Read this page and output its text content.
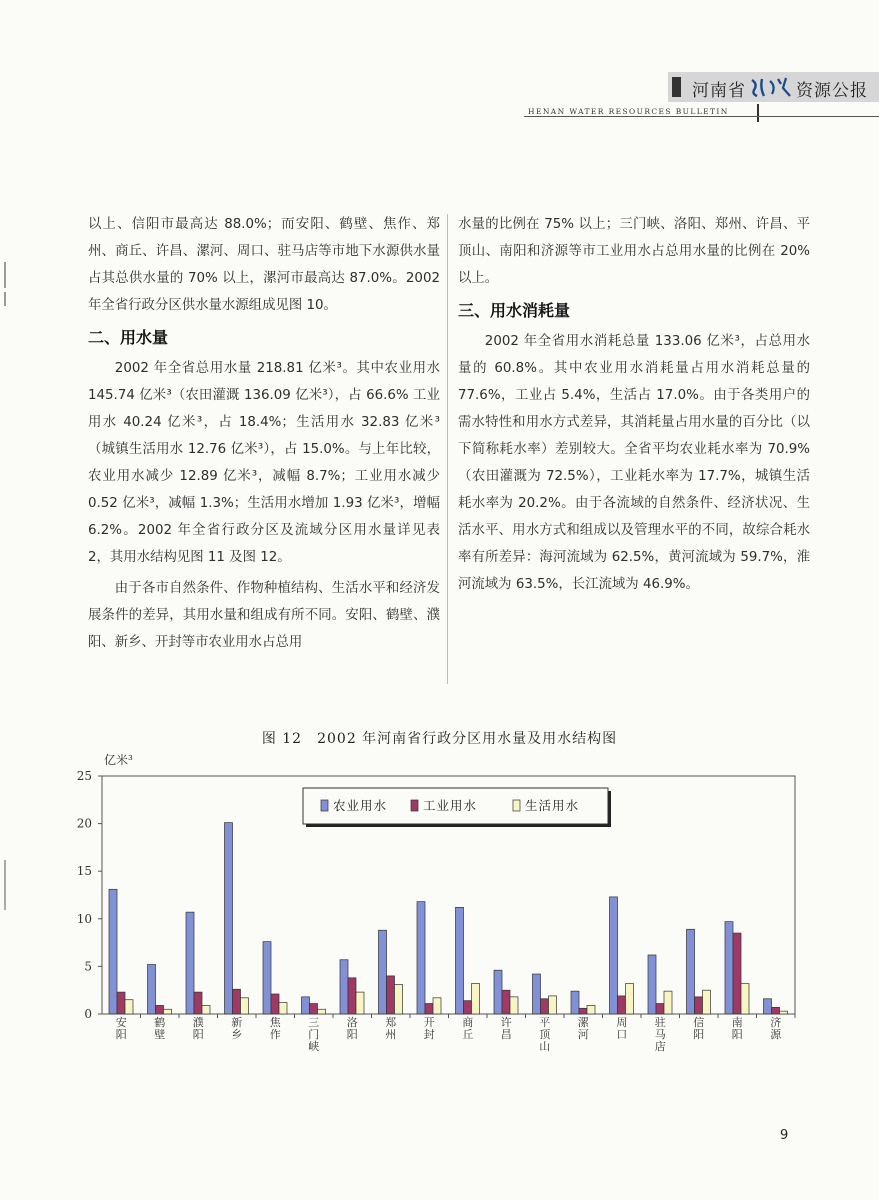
河南省	资源公报
HENAN WATER RESOURCES BULLETIN

以上、信阳市最高达 88.0%；而安阳、鹤壁、焦作、郑州、商丘、许昌、漯河、周口、驻马店等市地下水源供水量占其总供水量的 70% 以上，漯河市最高达 87.0%。2002 年全省行政分区供水量水源组成见图 10。

二、用水量

2002 年全省总用水量 218.81 亿米³。其中农业用水 145.74 亿米³（农田灌溉 136.09 亿米³），占 66.6% 工业用水 40.24 亿米³，占 18.4%；生活用水 32.83 亿米³（城镇生活用水 12.76 亿米³），占 15.0%。与上年比较，农业用水减少 12.89 亿米³，减幅 8.7%；工业用水减少 0.52 亿米³，减幅 1.3%；生活用水增加 1.93 亿米³，增幅 6.2%。2002 年全省行政分区及流域分区用水量详见表 2，其用水结构见图 11 及图 12。

由于各市自然条件、作物种植结构、生活水平和经济发展条件的差异，其用水量和组成有所不同。安阳、鹤壁、濮阳、新乡、开封等市农业用水占总用

水量的比例在 75% 以上；三门峡、洛阳、郑州、许昌、平顶山、南阳和济源等市工业用水占总用水量的比例在 20% 以上。

三、用水消耗量

2002 年全省用水消耗总量 133.06 亿米³，占总用水量的 60.8%。其中农业用水消耗量占用水消耗总量的 77.6%，工业占 5.4%，生活占 17.0%。由于各类用户的需水特性和用水方式差异，其消耗量占用水量的百分比（以下简称耗水率）差别较大。全省平均农业耗水率为 70.9%（农田灌溉为 72.5%），工业耗水率为 17.7%，城镇生活耗水率为 20.2%。由于各流域的自然条件、经济状况、生活水平、用水方式和组成以及管理水平的不同，故综合耗水率有所差异：海河流域为 62.5%，黄河流域为 59.7%，淮河流域为 63.5%，长江流域为 46.9%。

图 12　2002 年河南省行政分区用水量及用水结构图
亿米³
0
5
10
15
20
25
安阳
鹤壁
濮阳
新乡
焦作
三门峡
洛阳
郑州
开封
商丘
许昌
平顶山
漯河
周口
驻马店
信阳
南阳
济源
农业用水	工业用水	生活用水
9
